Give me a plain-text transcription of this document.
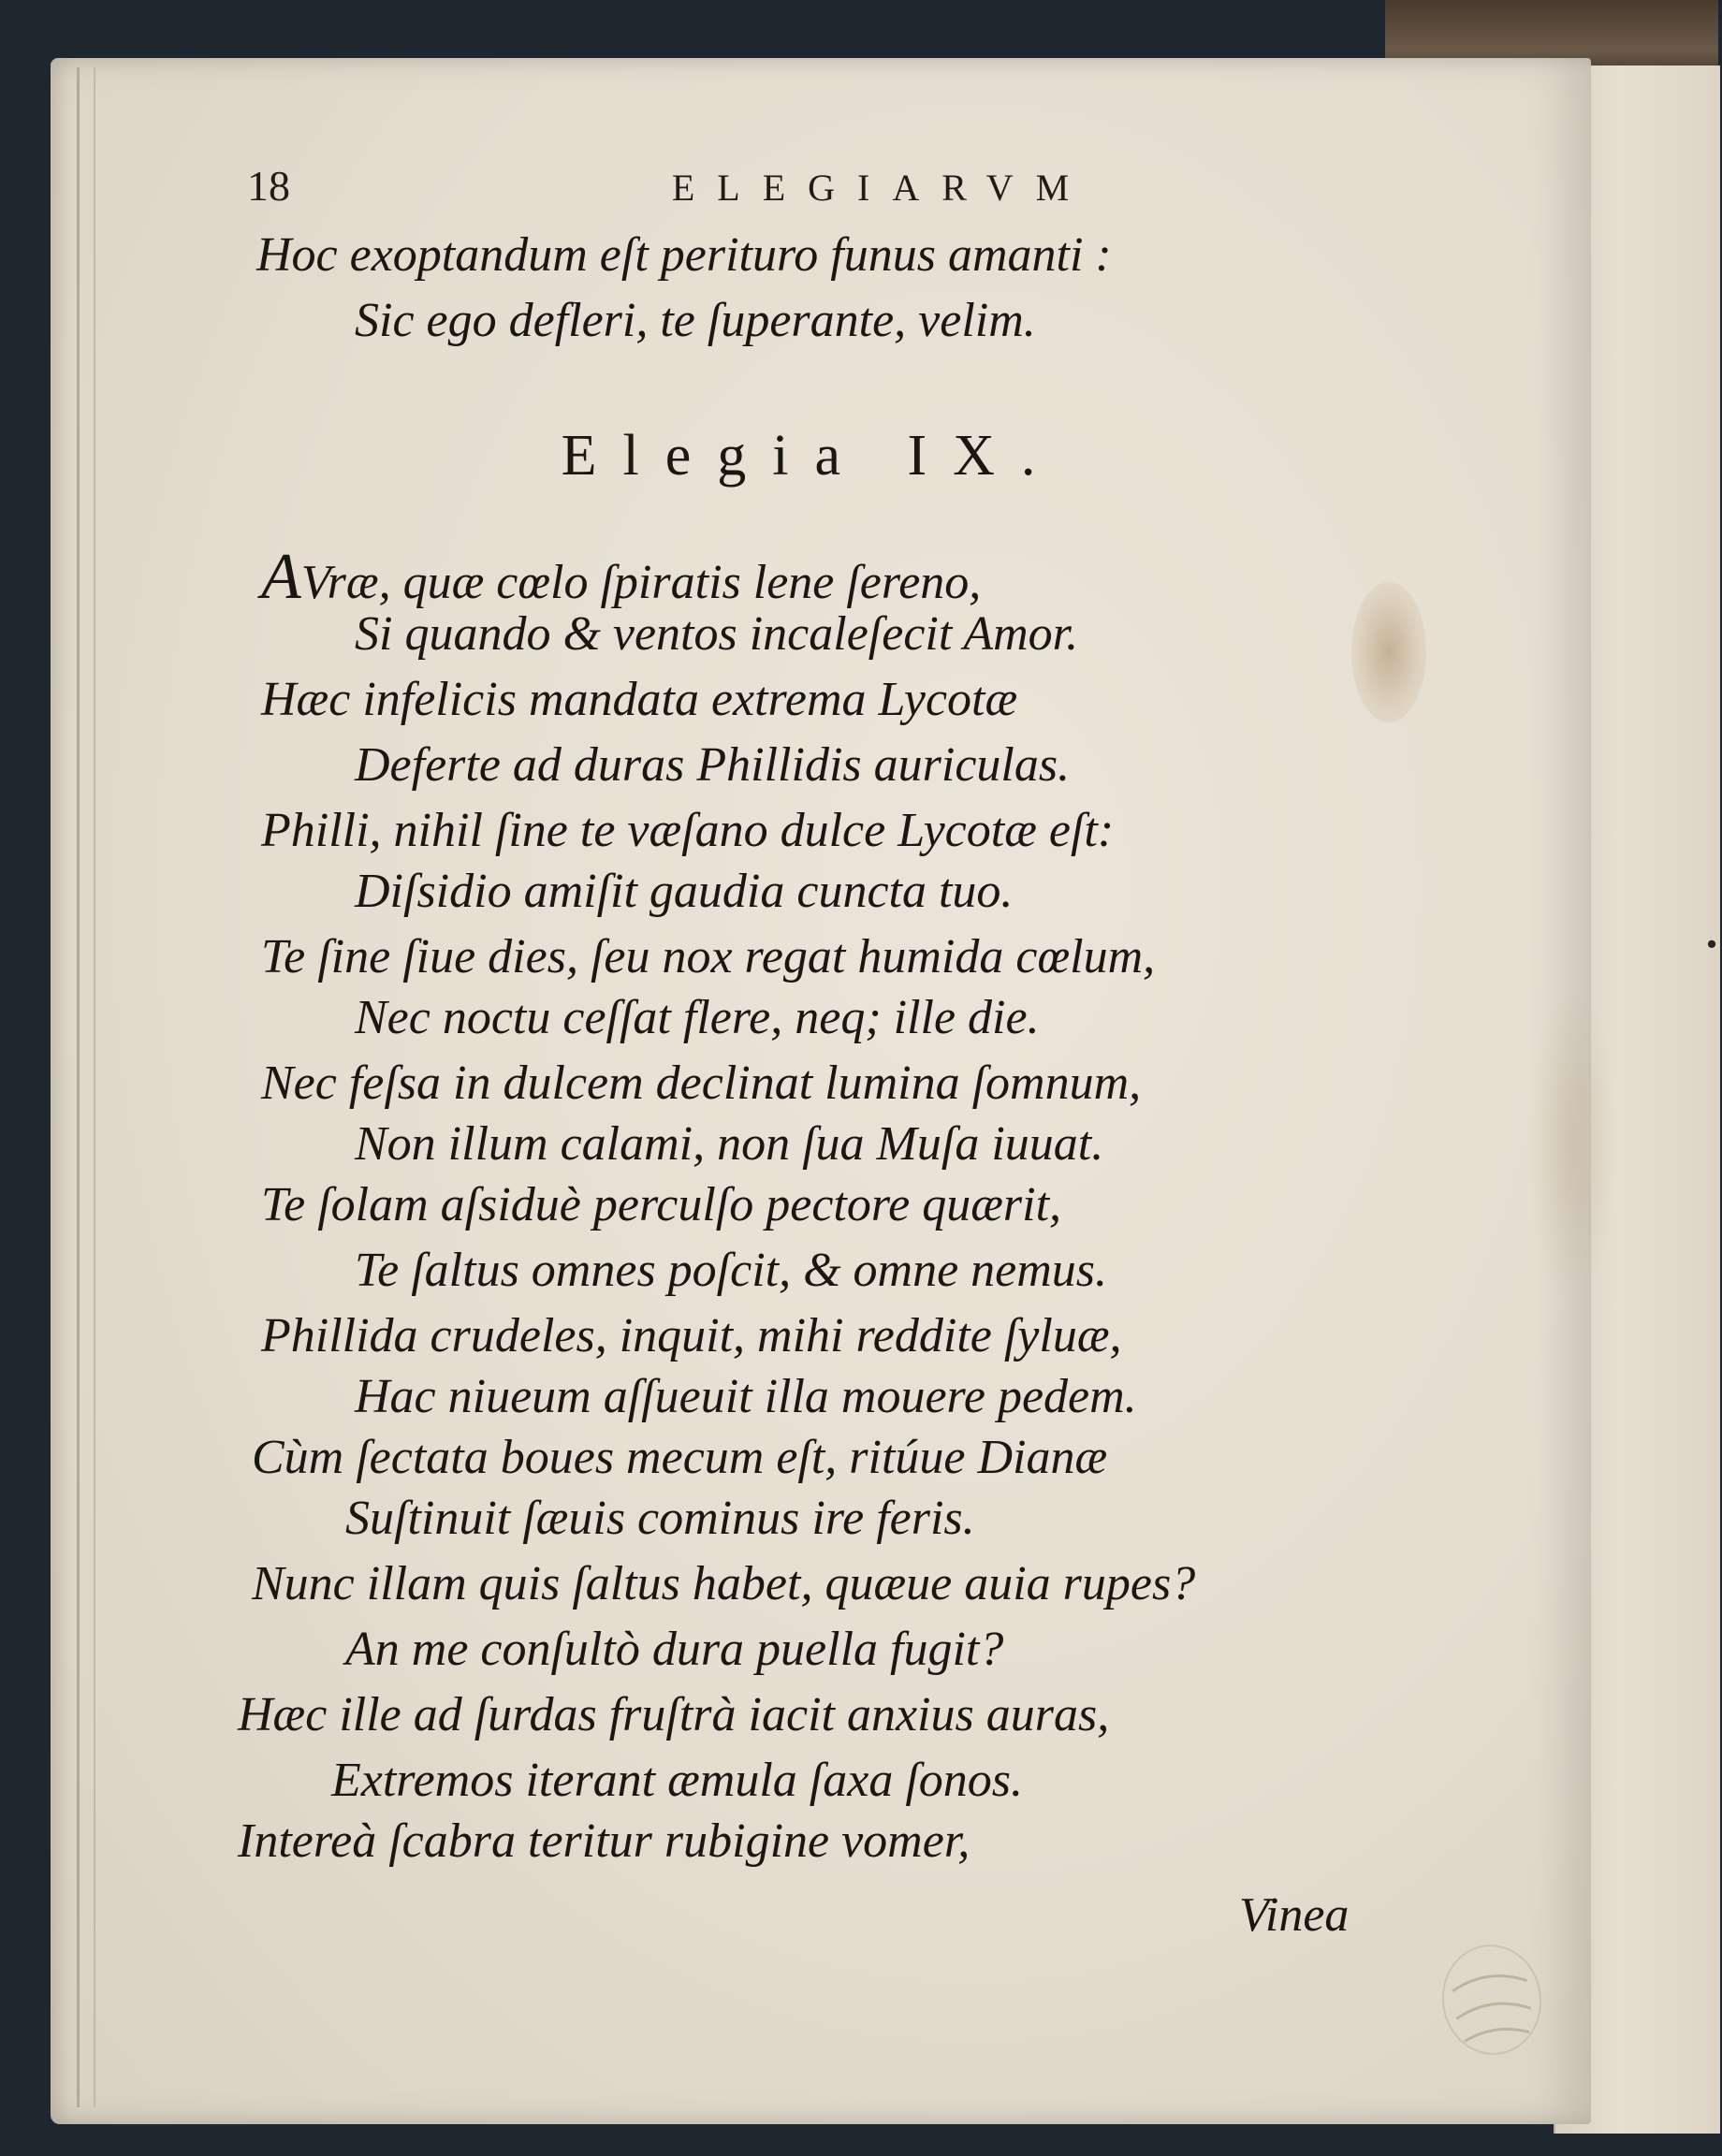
.
18	ELEGIARVM
Hoc exoptandum eſt perituro funus amanti :
Sic ego defleri, te ſuperante, velim.
Elegia IX.
AVræ, quæ cœlo ſpiratis lene ſereno,
Si quando & ventos incaleſecit Amor.
Hæc infelicis mandata extrema Lycotæ
Deferte ad duras Phillidis auriculas.
Philli, nihil ſine te væſano dulce Lycotæ eſt:
Diſsidio amiſit gaudia cuncta tuo.
Te ſine ſiue dies, ſeu nox regat humida cœlum,
Nec noctu ceſſat flere, neq; ille die.
Nec feſsa in dulcem declinat lumina ſomnum,
Non illum calami, non ſua Muſa iuuat.
Te ſolam aſsiduè perculſo pectore quærit,
Te ſaltus omnes poſcit, & omne nemus.
Phillida crudeles, inquit, mihi reddite ſyluæ,
Hac niueum aſſueuit illa mouere pedem.
Cùm ſectata boues mecum eſt, ritúue Dianæ
Suſtinuit ſæuis cominus ire feris.
Nunc illam quis ſaltus habet, quæue auia rupes?
An me conſultò dura puella fugit?
Hæc ille ad ſurdas fruſtrà iacit anxius auras,
Extremos iterant æmula ſaxa ſonos.
Intereà ſcabra teritur rubigine vomer,
Vinea
